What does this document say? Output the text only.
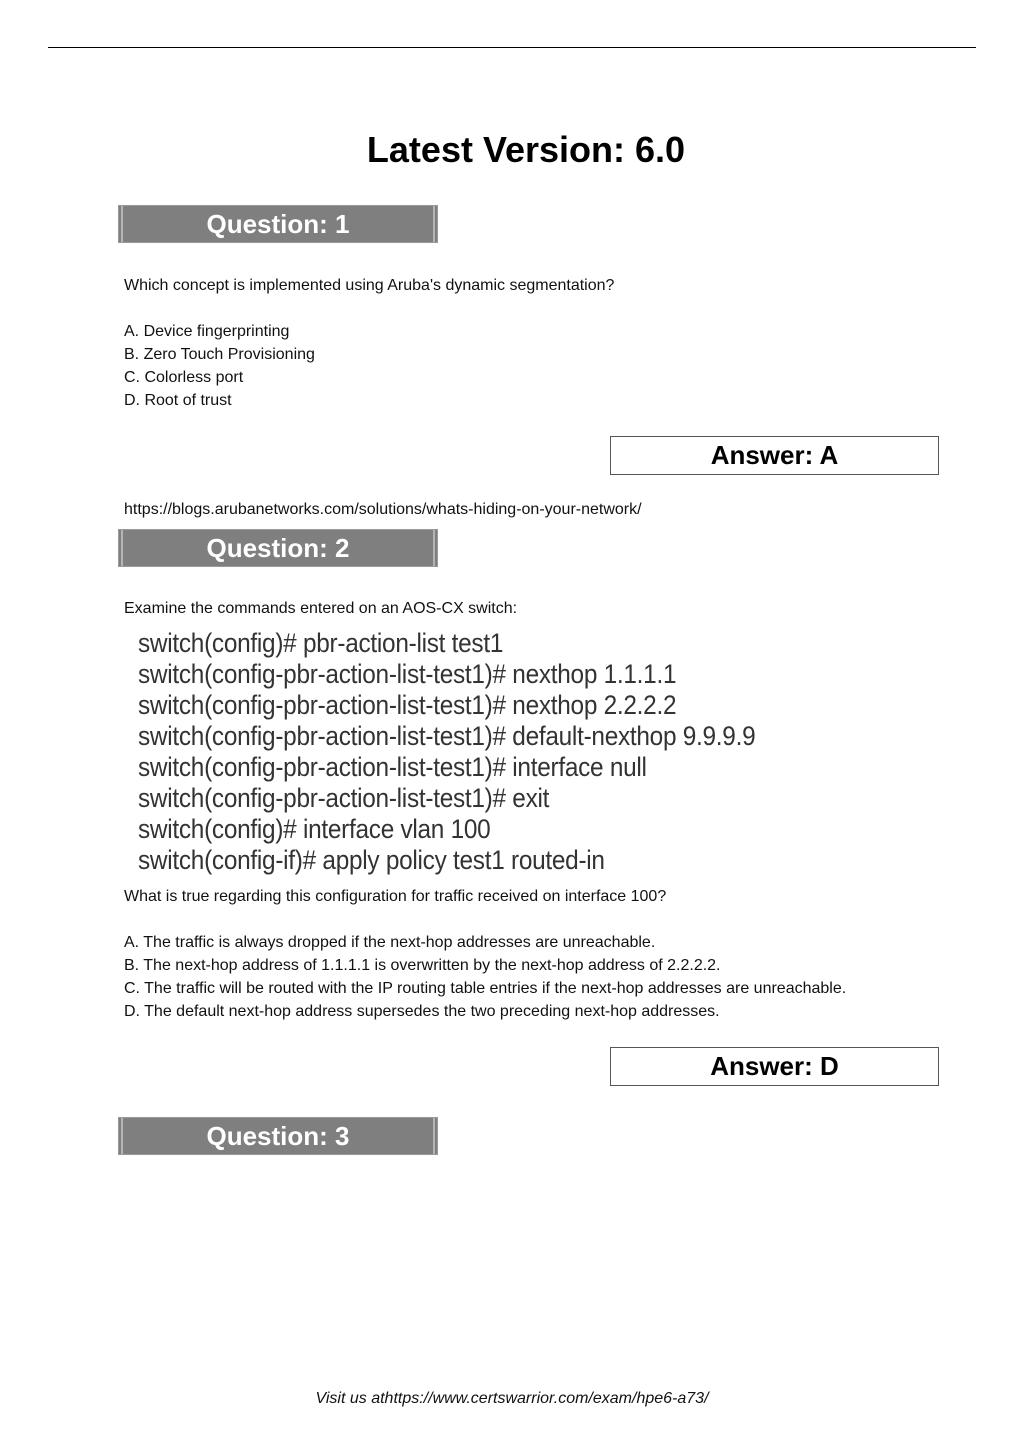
Latest Version: 6.0
Question: 1
Which concept is implemented using Aruba's dynamic segmentation?
A. Device fingerprinting
B. Zero Touch Provisioning
C. Colorless port
D. Root of trust
Answer: A
https://blogs.arubanetworks.com/solutions/whats-hiding-on-your-network/
Question: 2
Examine the commands entered on an AOS-CX switch:
switch(config)# pbr-action-list test1
switch(config-pbr-action-list-test1)# nexthop 1.1.1.1
switch(config-pbr-action-list-test1)# nexthop 2.2.2.2
switch(config-pbr-action-list-test1)# default-nexthop 9.9.9.9
switch(config-pbr-action-list-test1)# interface null
switch(config-pbr-action-list-test1)# exit
switch(config)# interface vlan 100
switch(config-if)# apply policy test1 routed-in
What is true regarding this configuration for traffic received on interface 100?
A. The traffic is always dropped if the next-hop addresses are unreachable.
B. The next-hop address of 1.1.1.1 is overwritten by the next-hop address of 2.2.2.2.
C. The traffic will be routed with the IP routing table entries if the next-hop addresses are unreachable.
D. The default next-hop address supersedes the two preceding next-hop addresses.
Answer: D
Question: 3
Visit us athttps://www.certswarrior.com/exam/hpe6-a73/
